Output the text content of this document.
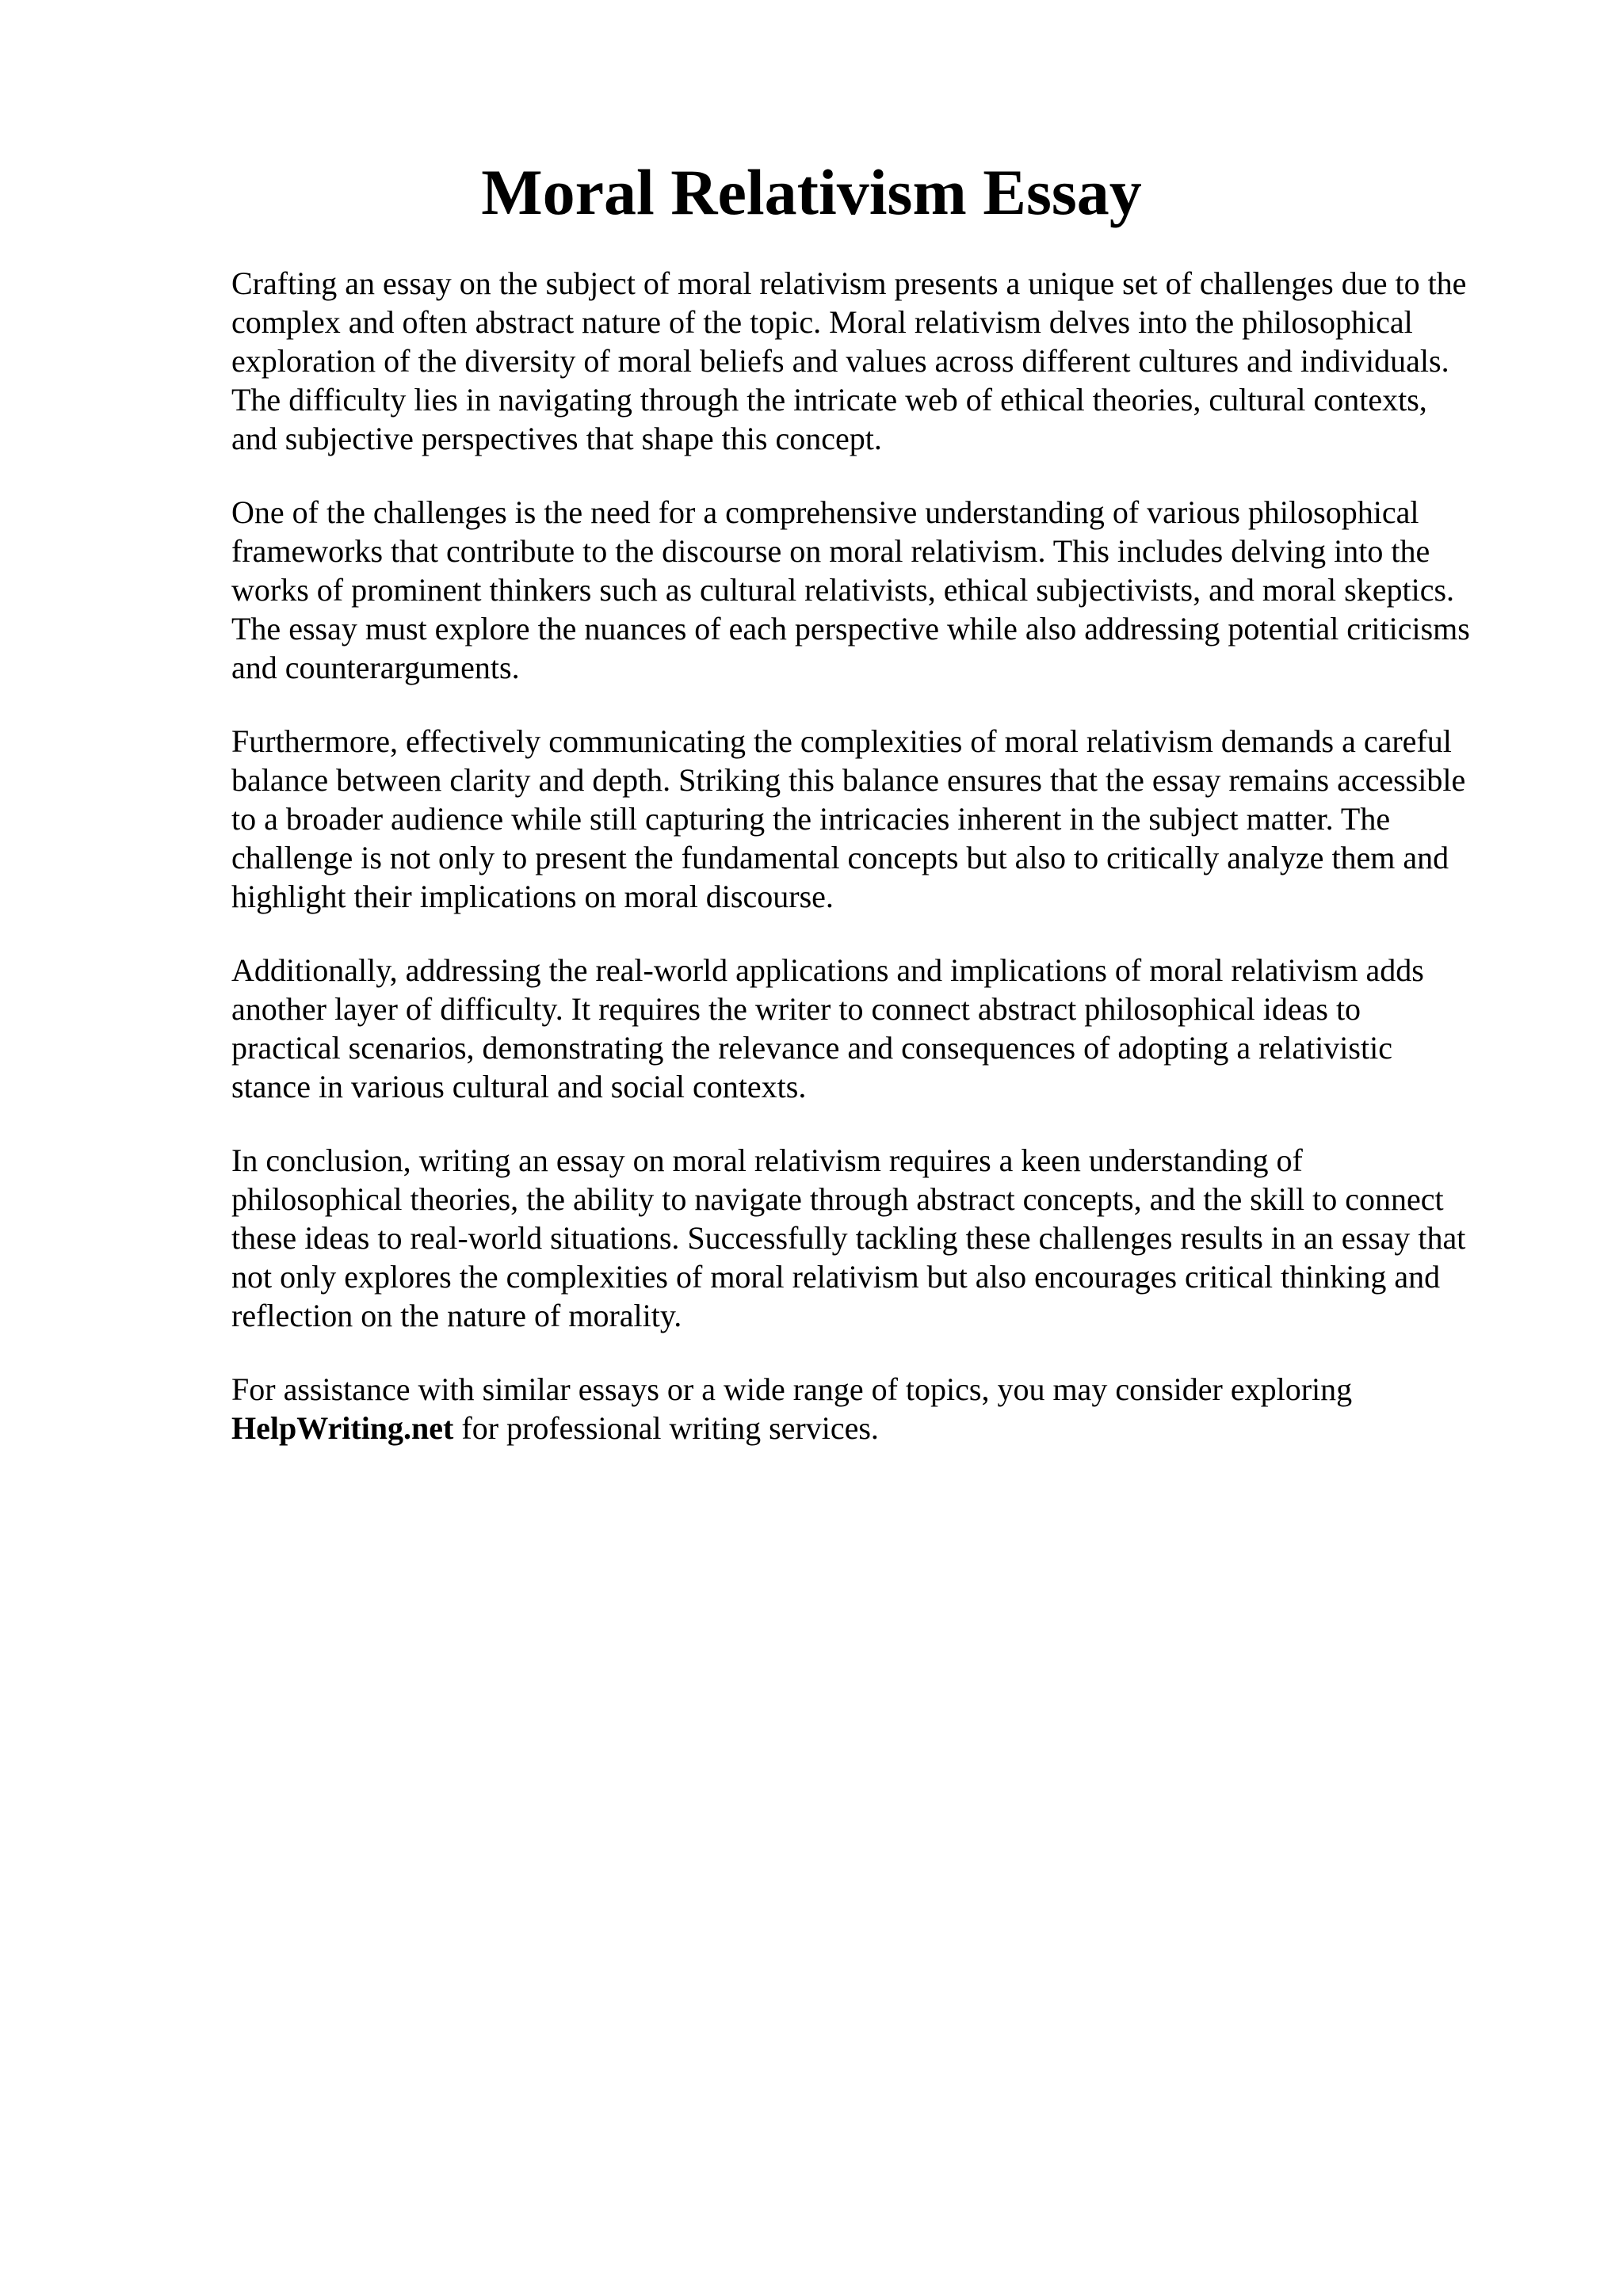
Moral Relativism Essay

Crafting an essay on the subject of moral relativism presents a unique set of challenges due to the
complex and often abstract nature of the topic. Moral relativism delves into the philosophical
exploration of the diversity of moral beliefs and values across different cultures and individuals.
The difficulty lies in navigating through the intricate web of ethical theories, cultural contexts,
and subjective perspectives that shape this concept.

One of the challenges is the need for a comprehensive understanding of various philosophical
frameworks that contribute to the discourse on moral relativism. This includes delving into the
works of prominent thinkers such as cultural relativists, ethical subjectivists, and moral skeptics.
The essay must explore the nuances of each perspective while also addressing potential criticisms
and counterarguments.

Furthermore, effectively communicating the complexities of moral relativism demands a careful
balance between clarity and depth. Striking this balance ensures that the essay remains accessible
to a broader audience while still capturing the intricacies inherent in the subject matter. The
challenge is not only to present the fundamental concepts but also to critically analyze them and
highlight their implications on moral discourse.

Additionally, addressing the real-world applications and implications of moral relativism adds
another layer of difficulty. It requires the writer to connect abstract philosophical ideas to
practical scenarios, demonstrating the relevance and consequences of adopting a relativistic
stance in various cultural and social contexts.

In conclusion, writing an essay on moral relativism requires a keen understanding of
philosophical theories, the ability to navigate through abstract concepts, and the skill to connect
these ideas to real-world situations. Successfully tackling these challenges results in an essay that
not only explores the complexities of moral relativism but also encourages critical thinking and
reflection on the nature of morality.

For assistance with similar essays or a wide range of topics, you may consider exploring
HelpWriting.net for professional writing services.
